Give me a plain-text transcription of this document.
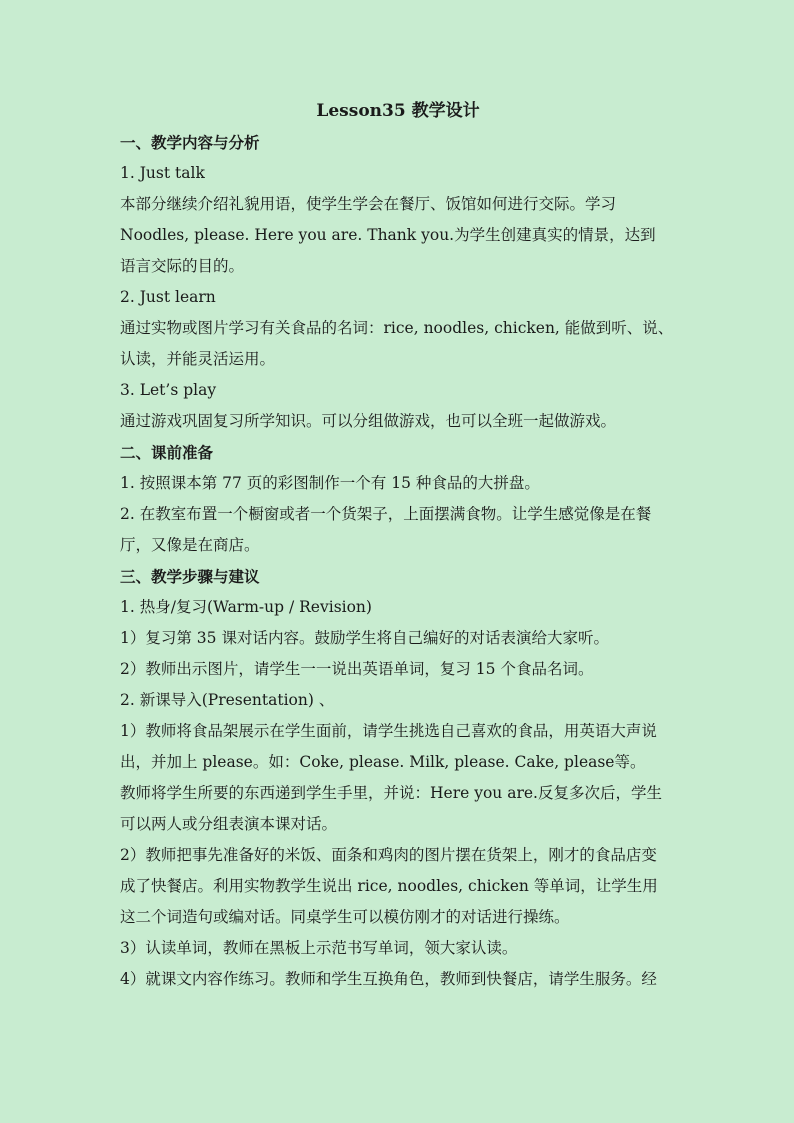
Lesson35 教学设计

一、教学内容与分析

1. Just talk

本部分继续介绍礼貌用语，使学生学会在餐厅、饭馆如何进行交际。学习

Noodles, please. Here you are. Thank you.为学生创建真实的情景，达到

语言交际的目的。

2. Just learn

通过实物或图片学习有关食品的名词：rice, noodles, chicken, 能做到听、说、

认读，并能灵活运用。

3. Let’s play

通过游戏巩固复习所学知识。可以分组做游戏，也可以全班一起做游戏。

二、课前准备

1. 按照课本第 77 页的彩图制作一个有 15 种食品的大拼盘。

2. 在教室布置一个橱窗或者一个货架子，上面摆满食物。让学生感觉像是在餐

厅，又像是在商店。

三、教学步骤与建议

1. 热身/复习(Warm-up / Revision)

1）复习第 35 课对话内容。鼓励学生将自己编好的对话表演给大家听。

2）教师出示图片，请学生一一说出英语单词，复习 15 个食品名词。

2. 新课导入(Presentation) 、

1）教师将食品架展示在学生面前，请学生挑选自己喜欢的食品，用英语大声说

出，并加上 please。如：Coke, please. Milk, please. Cake, please等。

教师将学生所要的东西递到学生手里，并说：Here you are.反复多次后，学生

可以两人或分组表演本课对话。

2）教师把事先准备好的米饭、面条和鸡肉的图片摆在货架上，刚才的食品店变

成了快餐店。利用实物教学生说出 rice, noodles, chicken 等单词，让学生用

这二个词造句或编对话。同桌学生可以模仿刚才的对话进行操练。

3）认读单词，教师在黑板上示范书写单词，领大家认读。

4）就课文内容作练习。教师和学生互换角色，教师到快餐店，请学生服务。经
